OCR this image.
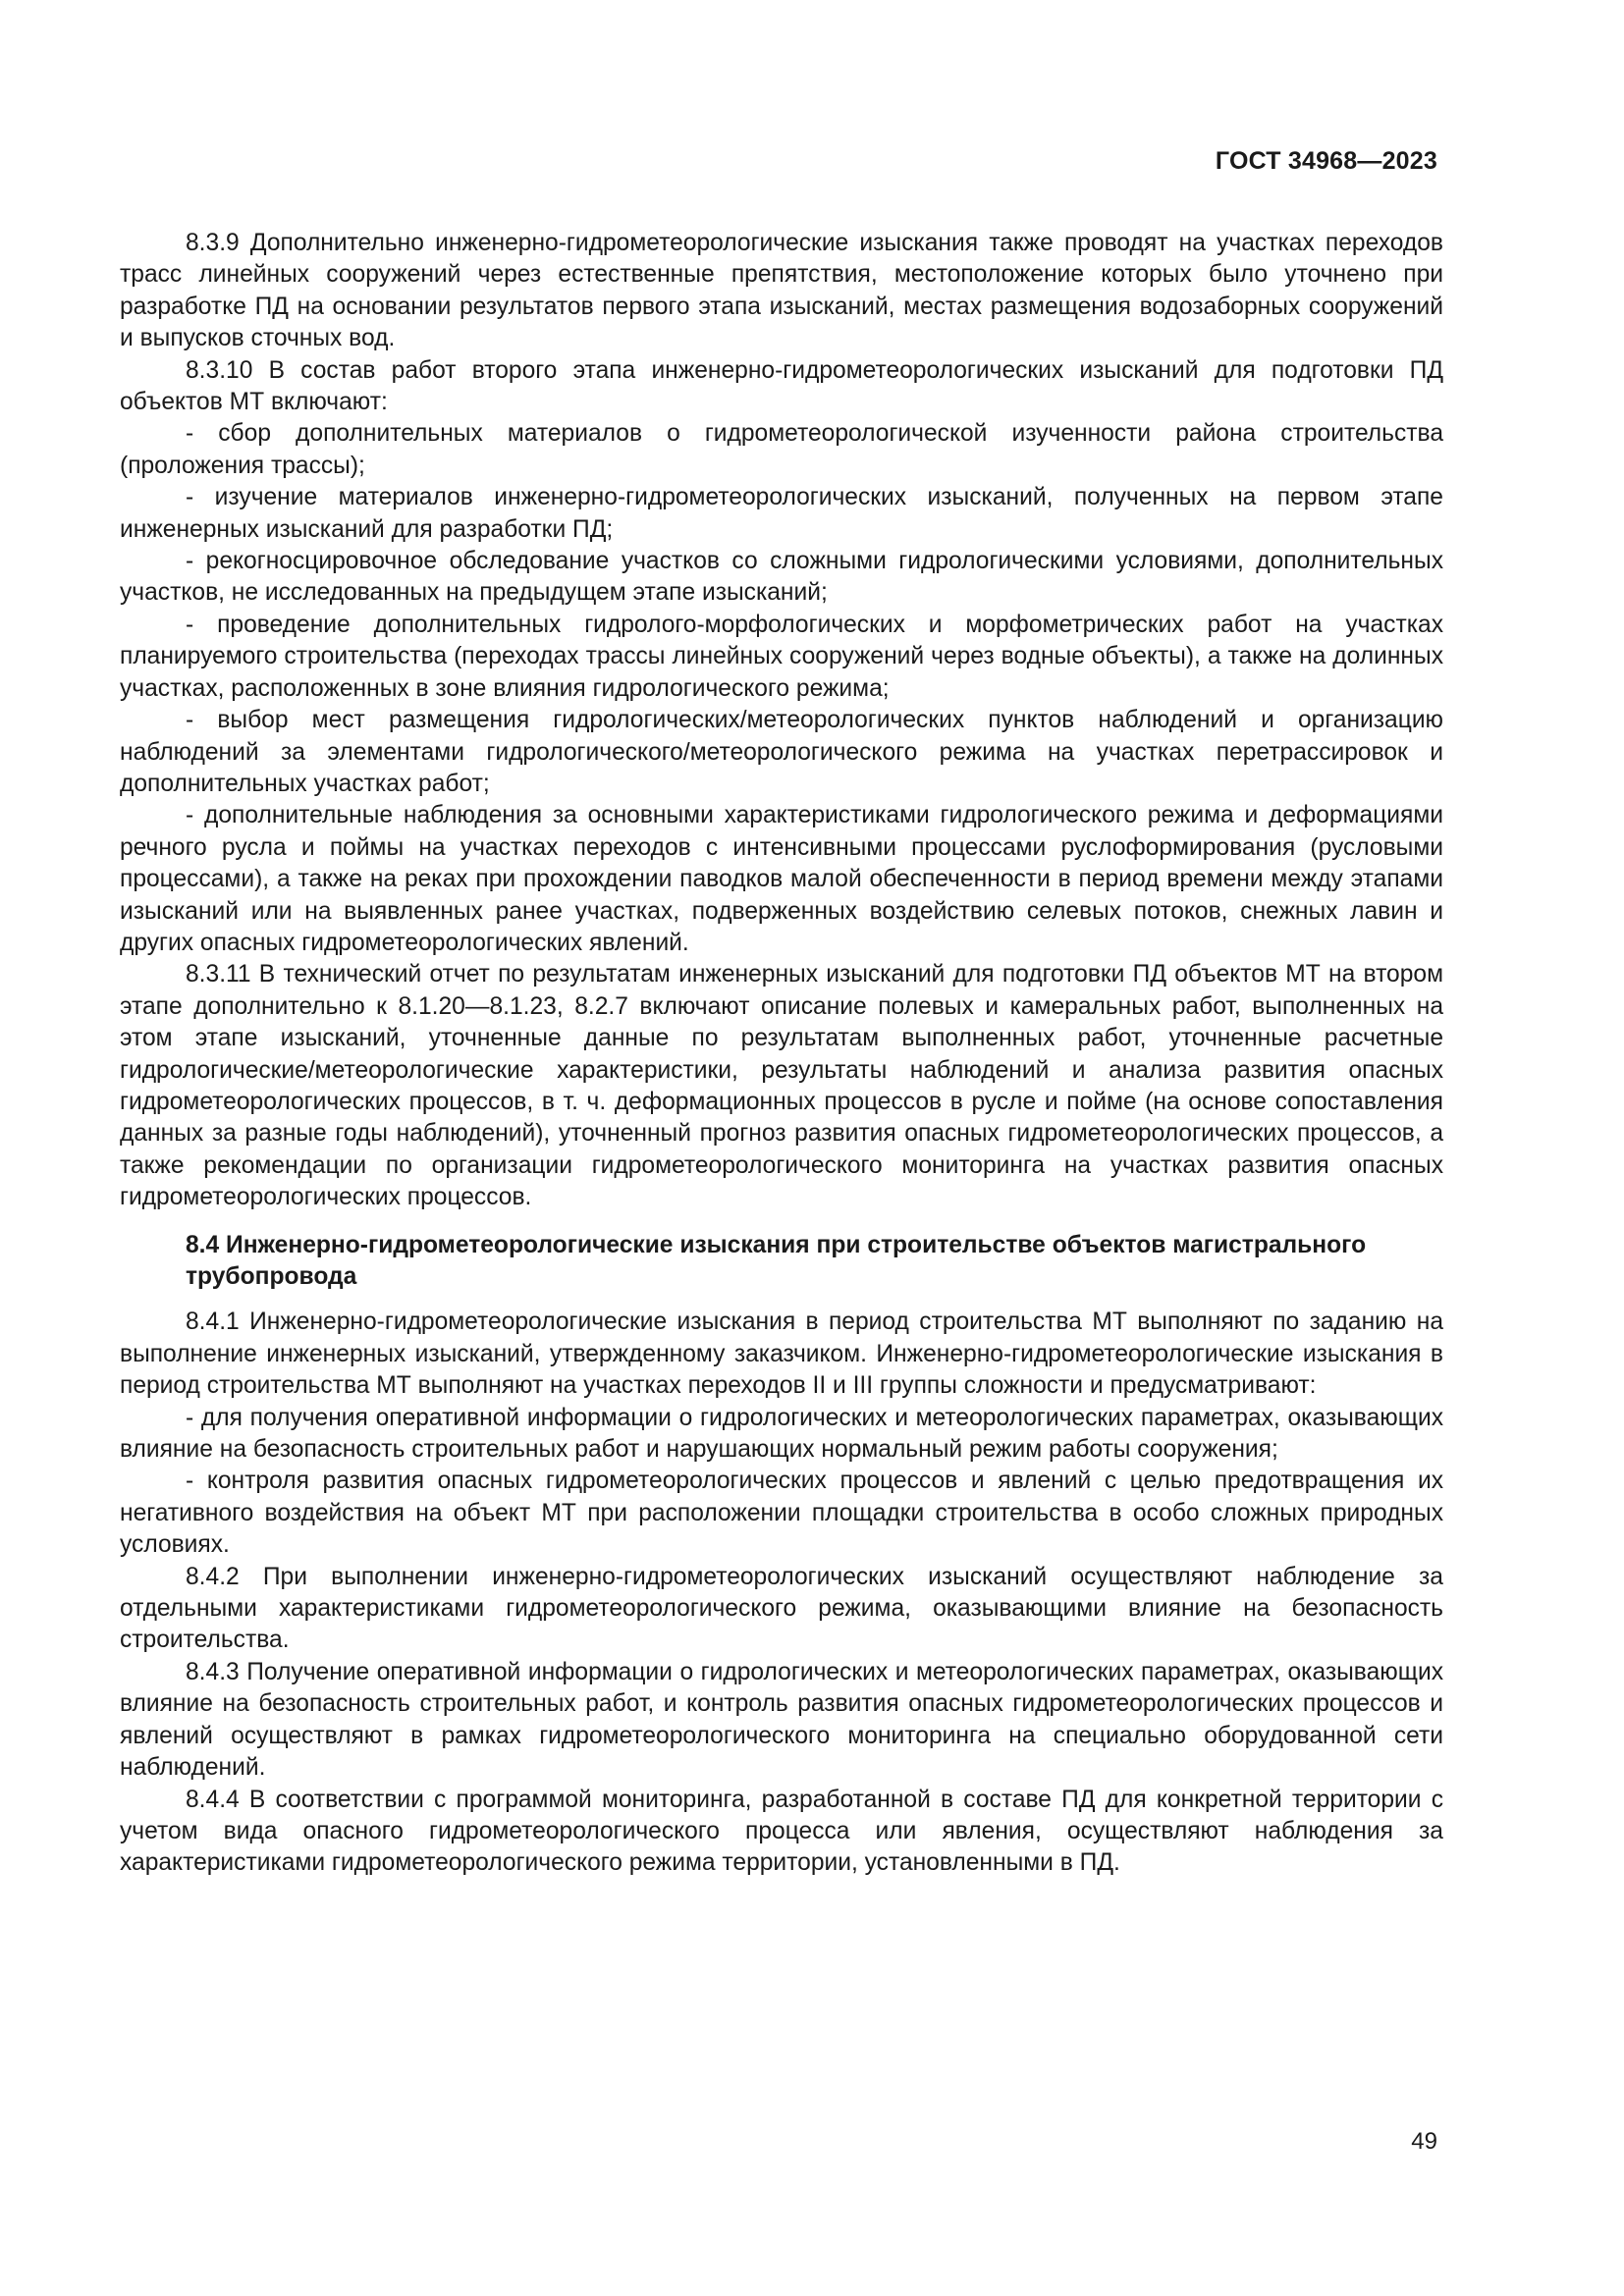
ГОСТ 34968—2023

8.3.9 Дополнительно инженерно-гидрометеорологические изыскания также проводят на участках переходов трасс линейных сооружений через естественные препятствия, местоположение которых было уточнено при разработке ПД на основании результатов первого этапа изысканий, местах размещения водозаборных сооружений и выпусков сточных вод.

8.3.10 В состав работ второго этапа инженерно-гидрометеорологических изысканий для подготовки ПД объектов МТ включают:

- сбор дополнительных материалов о гидрометеорологической изученности района строительства (проложения трассы);

- изучение материалов инженерно-гидрометеорологических изысканий, полученных на первом этапе инженерных изысканий для разработки ПД;

- рекогносцировочное обследование участков со сложными гидрологическими условиями, дополнительных участков, не исследованных на предыдущем этапе изысканий;

- проведение дополнительных гидролого-морфологических и морфометрических работ на участках планируемого строительства (переходах трассы линейных сооружений через водные объекты), а также на долинных участках, расположенных в зоне влияния гидрологического режима;

- выбор мест размещения гидрологических/метеорологических пунктов наблюдений и организацию наблюдений за элементами гидрологического/метеорологического режима на участках перетрассировок и дополнительных участках работ;

- дополнительные наблюдения за основными характеристиками гидрологического режима и деформациями речного русла и поймы на участках переходов с интенсивными процессами руслоформирования (русловыми процессами), а также на реках при прохождении паводков малой обеспеченности в период времени между этапами изысканий или на выявленных ранее участках, подверженных воздействию селевых потоков, снежных лавин и других опасных гидрометеорологических явлений.

8.3.11 В технический отчет по результатам инженерных изысканий для подготовки ПД объектов МТ на втором этапе дополнительно к 8.1.20—8.1.23, 8.2.7 включают описание полевых и камеральных работ, выполненных на этом этапе изысканий, уточненные данные по результатам выполненных работ, уточненные расчетные гидрологические/метеорологические характеристики, результаты наблюдений и анализа развития опасных гидрометеорологических процессов, в т. ч. деформационных процессов в русле и пойме (на основе сопоставления данных за разные годы наблюдений), уточненный прогноз развития опасных гидрометеорологических процессов, а также рекомендации по организации гидрометеорологического мониторинга на участках развития опасных гидрометеорологических процессов.

8.4 Инженерно-гидрометеорологические изыскания при строительстве объектов магистрального трубопровода

8.4.1 Инженерно-гидрометеорологические изыскания в период строительства МТ выполняют по заданию на выполнение инженерных изысканий, утвержденному заказчиком. Инженерно-гидрометеорологические изыскания в период строительства МТ выполняют на участках переходов II и III группы сложности и предусматривают:

- для получения оперативной информации о гидрологических и метеорологических параметрах, оказывающих влияние на безопасность строительных работ и нарушающих нормальный режим работы сооружения;

- контроля развития опасных гидрометеорологических процессов и явлений с целью предотвращения их негативного воздействия на объект МТ при расположении площадки строительства в особо сложных природных условиях.

8.4.2 При выполнении инженерно-гидрометеорологических изысканий осуществляют наблюдение за отдельными характеристиками гидрометеорологического режима, оказывающими влияние на безопасность строительства.

8.4.3 Получение оперативной информации о гидрологических и метеорологических параметрах, оказывающих влияние на безопасность строительных работ, и контроль развития опасных гидрометеорологических процессов и явлений осуществляют в рамках гидрометеорологического мониторинга на специально оборудованной сети наблюдений.

8.4.4 В соответствии с программой мониторинга, разработанной в составе ПД для конкретной территории с учетом вида опасного гидрометеорологического процесса или явления, осуществляют наблюдения за характеристиками гидрометеорологического режима территории, установленными в ПД.

49
